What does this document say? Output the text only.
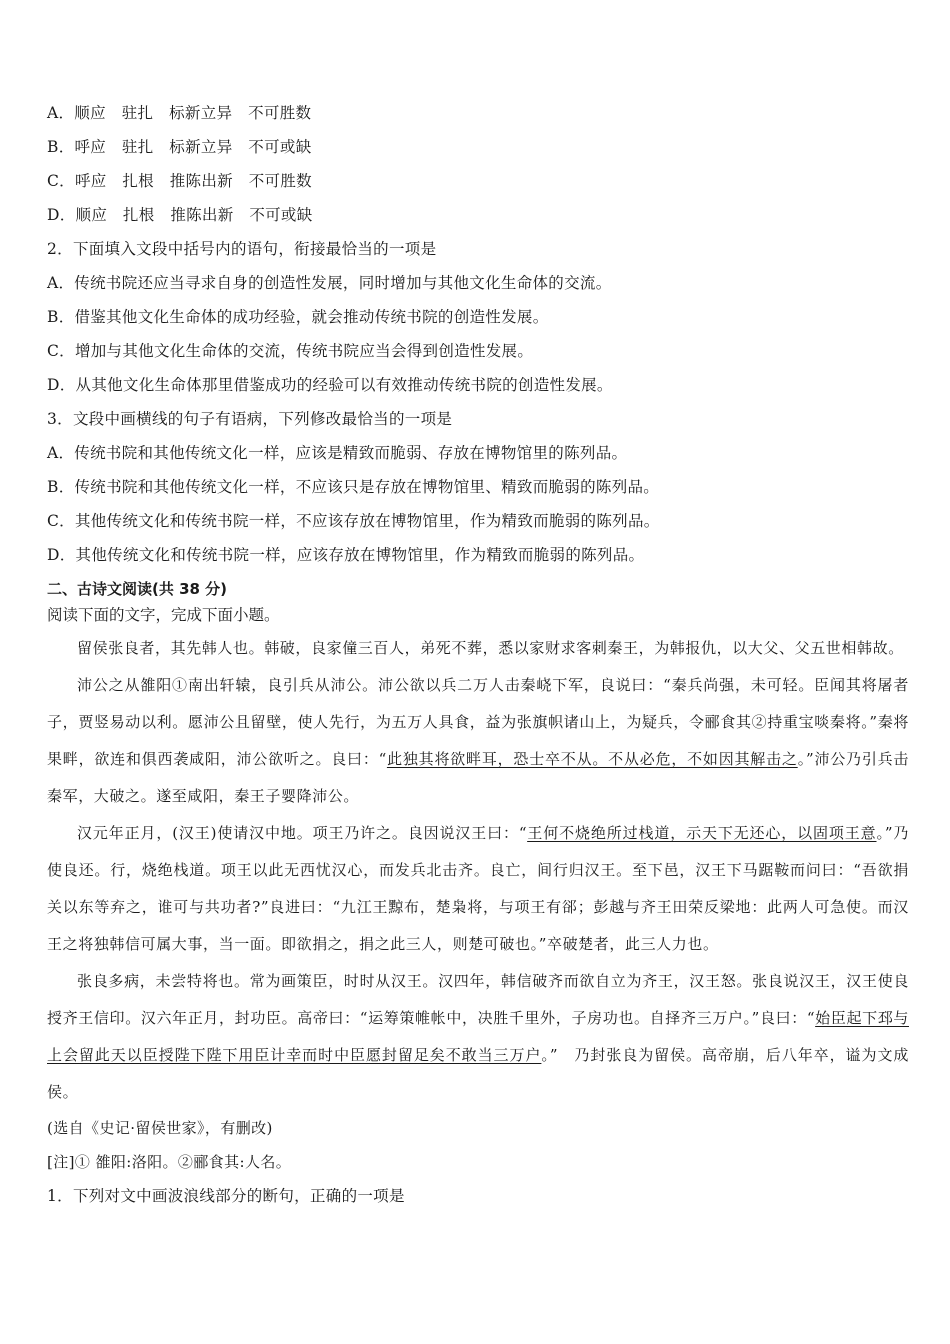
A．顺应　驻扎　标新立异　不可胜数
B．呼应　驻扎　标新立异　不可或缺
C．呼应　扎根　推陈出新　不可胜数
D．顺应　扎根　推陈出新　不可或缺
2．下面填入文段中括号内的语句，衔接最恰当的一项是
A．传统书院还应当寻求自身的创造性发展，同时增加与其他文化生命体的交流。
B．借鉴其他文化生命体的成功经验，就会推动传统书院的创造性发展。
C．增加与其他文化生命体的交流，传统书院应当会得到创造性发展。
D．从其他文化生命体那里借鉴成功的经验可以有效推动传统书院的创造性发展。
3．文段中画横线的句子有语病，下列修改最恰当的一项是
A．传统书院和其他传统文化一样，应该是精致而脆弱、存放在博物馆里的陈列品。
B．传统书院和其他传统文化一样，不应该只是存放在博物馆里、精致而脆弱的陈列品。
C．其他传统文化和传统书院一样，不应该存放在博物馆里，作为精致而脆弱的陈列品。
D．其他传统文化和传统书院一样，应该存放在博物馆里，作为精致而脆弱的陈列品。
二、古诗文阅读(共 38 分)
阅读下面的文字，完成下面小题。

留侯张良者，其先韩人也。韩破，良家僮三百人，弟死不葬，悉以家财求客刺秦王，为韩报仇，以大父、父五世相韩故。

沛公之从雒阳①南出轩辕，良引兵从沛公。沛公欲以兵二万人击秦峣下军，良说曰：“秦兵尚强，未可轻。臣闻其将屠者子，贾竖易动以利。愿沛公且留壁，使人先行，为五万人具食，益为张旗帜诸山上，为疑兵，令郦食其②持重宝啖秦将。”秦将果畔，欲连和俱西袭咸阳，沛公欲听之。良曰：“此独其将欲畔耳，恐士卒不从。不从必危，不如因其解击之。”沛公乃引兵击秦军，大破之。遂至咸阳，秦王子婴降沛公。

汉元年正月，(汉王)使请汉中地。项王乃许之。良因说汉王曰：“王何不烧绝所过栈道，示天下无还心，以固项王意。”乃使良还。行，烧绝栈道。项王以此无西忧汉心，而发兵北击齐。良亡，间行归汉王。至下邑，汉王下马踞鞍而问曰：“吾欲捐关以东等弃之，谁可与共功者?”良进曰：“九江王黥布，楚枭将，与项王有郤；彭越与齐王田荣反梁地：此两人可急使。而汉王之将独韩信可属大事，当一面。即欲捐之，捐之此三人，则楚可破也。”卒破楚者，此三人力也。

张良多病，未尝特将也。常为画策臣，时时从汉王。汉四年，韩信破齐而欲自立为齐王，汉王怒。张良说汉王，汉王使良授齐王信印。汉六年正月，封功臣。高帝曰：“运筹策帷帐中，决胜千里外，子房功也。自择齐三万户。”良曰：“始臣起下邳与上会留此天以臣授陛下陛下用臣计幸而时中臣愿封留足矣不敢当三万户。”　乃封张良为留侯。高帝崩，后八年卒，谥为文成侯。

(选自《史记·留侯世家》，有删改)
[注]① 雒阳:洛阳。②郦食其:人名。
1．下列对文中画波浪线部分的断句，正确的一项是
